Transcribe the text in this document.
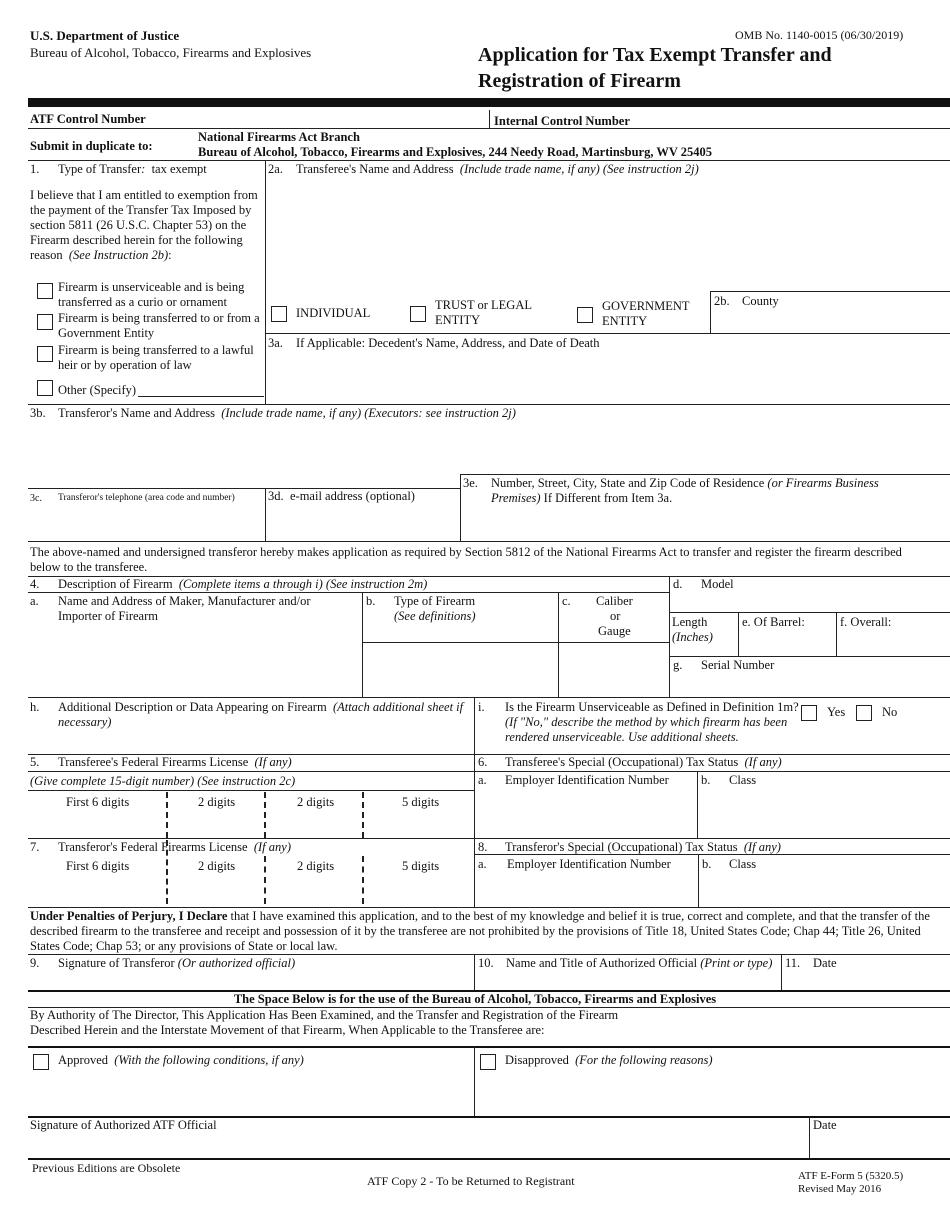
U.S. Department of Justice
Bureau of Alcohol, Tobacco, Firearms and Explosives
OMB No. 1140-0015 (06/30/2019)
Application for Tax Exempt Transfer and
Registration of Firearm
ATF Control Number	Internal Control Number
Submit in duplicate to:
National Firearms Act Branch
Bureau of Alcohol, Tobacco, Firearms and Explosives, 244 Needy Road, Martinsburg, WV 25405
1. Type of Transfer: tax exempt
I believe that I am entitled to exemption from the payment of the Transfer Tax Imposed by section 5811 (26 U.S.C. Chapter 53) on the Firearm described herein for the following
reason (See Instruction 2b):
Firearm is unserviceable and is being transferred as a curio or ornament
Firearm is being transferred to or from a Government Entity
Firearm is being transferred to a lawful heir or by operation of law
Other (Specify)
2a. Transferee's Name and Address (Include trade name, if any) (See instruction 2j)
INDIVIDUAL
TRUST or LEGAL
ENTITY
GOVERNMENT
ENTITY
2b. County
3a. If Applicable: Decedent's Name, Address, and Date of Death
3b. Transferor's Name and Address (Include trade name, if any) (Executors: see instruction 2j)
3c. Transferor's telephone (area code and number)	3d. e-mail address (optional)
3e. Number, Street, City, State and Zip Code of Residence (or Firearms Business
Premises) If Different from Item 3a.
The above-named and undersigned transferor hereby makes application as required by Section 5812 of the National Firearms Act to transfer and register the firearm described below to the transferee.
4. Description of Firearm (Complete items a through i) (See instruction 2m)	d. Model
a. Name and Address of Maker, Manufacturer and/or
Importer of Firearm
b. Type of Firearm
(See definitions)
c. Caliber
or
Gauge
Length
(Inches)
e. Of Barrel:	f. Overall:
g. Serial Number
h. Additional Description or Data Appearing on Firearm (Attach additional sheet if
necessary)
i. Is the Firearm Unserviceable as Defined in Definition 1m?
(If "No," describe the method by which firearm has been
rendered unserviceable. Use additional sheets.
Yes	No
5. Transferee's Federal Firearms License (If any)
(Give complete 15-digit number) (See instruction 2c)
First 6 digits	2 digits	2 digits	5 digits
6. Transferee's Special (Occupational) Tax Status (If any)
a. Employer Identification Number	b. Class
7. Transferor's Federal Firearms License (If any)
First 6 digits	2 digits	2 digits	5 digits
8. Transferor's Special (Occupational) Tax Status (If any)
a. Employer Identification Number b. Class
Under Penalties of Perjury, I Declare that I have examined this application, and to the best of my knowledge and belief it is true, correct and complete, and that the transfer of the described firearm to the transferee and receipt and possession of it by the transferee are not prohibited by the provisions of Title 18, United States Code; Chap 44; Title 26, United States Code; Chap 53; or any provisions of State or local law.
9. Signature of Transferor (Or authorized official)	10. Name and Title of Authorized Official (Print or type) 11. Date
The Space Below is for the use of the Bureau of Alcohol, Tobacco, Firearms and Explosives
By Authority of The Director, This Application Has Been Examined, and the Transfer and Registration of the Firearm
Described Herein and the Interstate Movement of that Firearm, When Applicable to the Transferee are:
Approved (With the following conditions, if any)	Disapproved (For the following reasons)
Signature of Authorized ATF Official	Date
Previous Editions are Obsolete
ATF Copy 2 - To be Returned to Registrant	ATF E-Form 5 (5320.5)
Revised May 2016
